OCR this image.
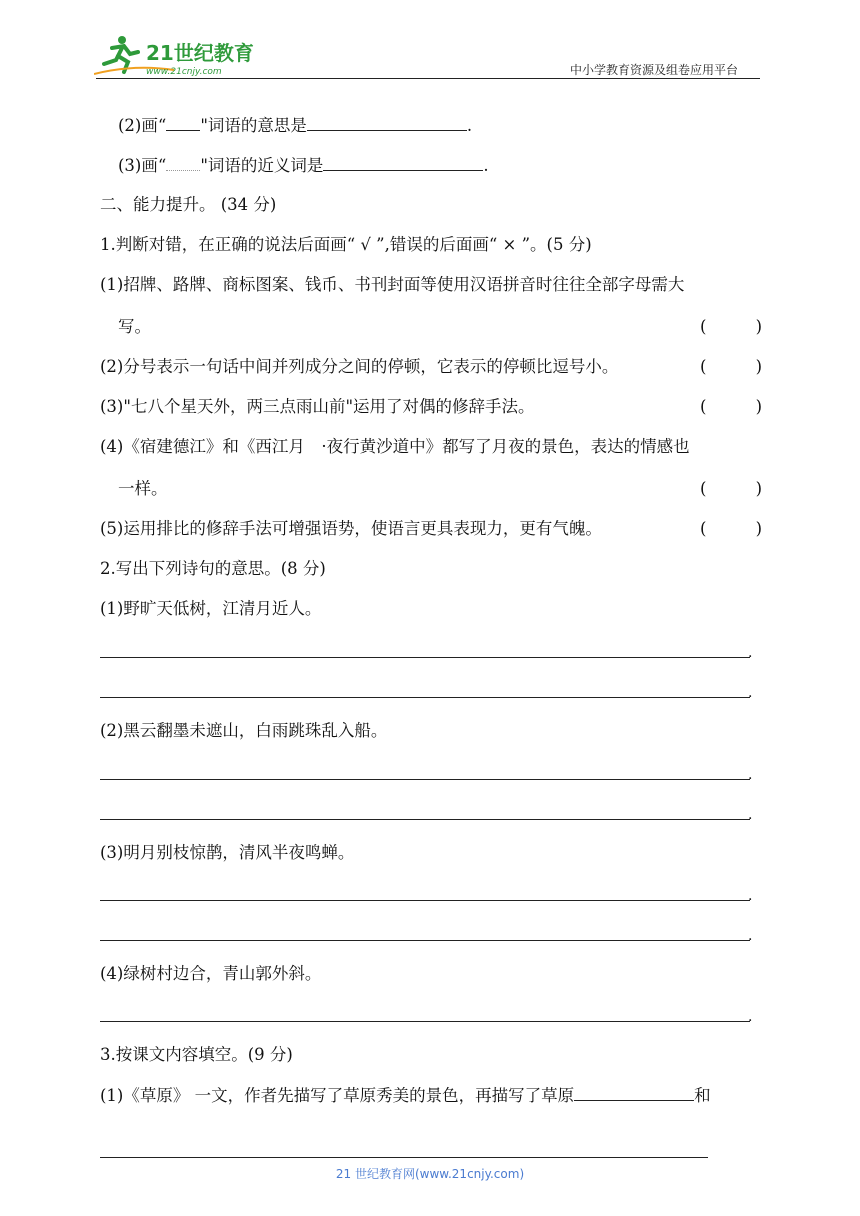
21世纪教育
www.21cnjy.com	中小学教育资源及组卷应用平台
(2)画“ "词语的意思是	.
(3)画“ "词语的近义词是	.
二、能力提升。 (34 分)
1.判断对错，在正确的说法后面画“ √ ”,错误的后面画“ × ”。(5 分)
(1)招牌、路牌、商标图案、钱币、书刊封面等使用汉语拼音时往往全部字母需大
写。	(	)
(2)分号表示一句话中间并列成分之间的停顿，它表示的停顿比逗号小。	(	)
(3)"七八个星天外，两三点雨山前"运用了对偶的修辞手法。	(	)
(4)《宿建德江》和《西江月　·夜行黄沙道中》都写了月夜的景色，表达的情感也
一样。	(	)
(5)运用排比的修辞手法可增强语势，使语言更具表现力，更有气魄。	(	)
2.写出下列诗句的意思。(8 分)
(1)野旷天低树，江清月近人。
.
.
(2)黑云翻墨未遮山，白雨跳珠乱入船。
.
.
(3)明月别枝惊鹊，清风半夜鸣蝉。
.
.
(4)绿树村边合，青山郭外斜。
.
3.按课文内容填空。(9 分)
(1)《草原》 一文，作者先描写了草原秀美的景色，再描写了草原	和
21 世纪教育网(www.21cnjy.com)
